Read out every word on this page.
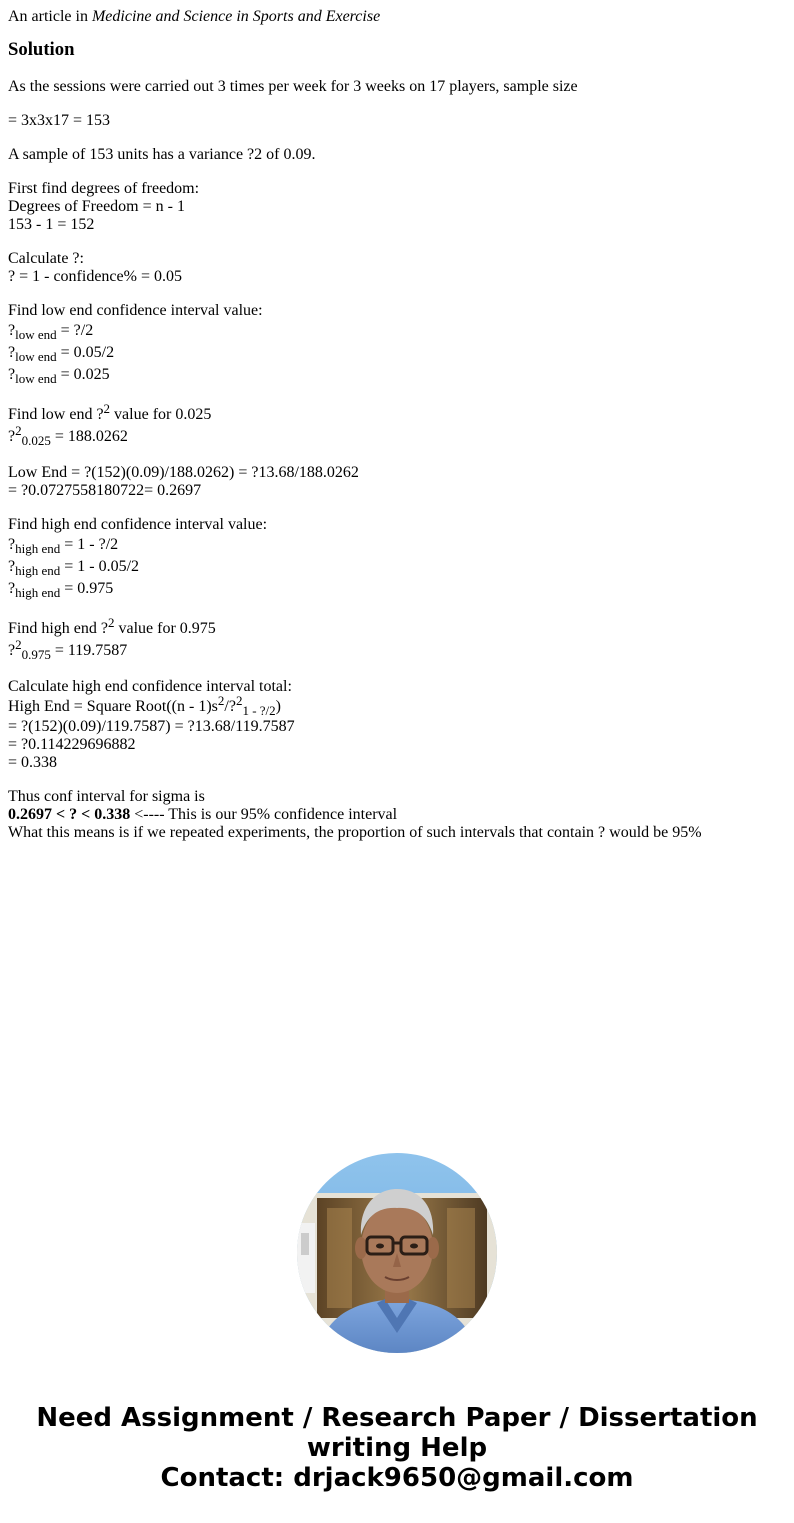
An article in Medicine and Science in Sports and Exercise

Solution

As the sessions were carried out 3 times per week for 3 weeks on 17 players, sample size

= 3x3x17 = 153

A sample of 153 units has a variance ?2 of 0.09.

First find degrees of freedom:
Degrees of Freedom = n - 1
153 - 1 = 152
Calculate ?:
? = 1 - confidence% = 0.05
Find low end confidence interval value:
$?_{low end}$ = ?/2
$?_{low end} = 0.05/2$
$?_{low end} = 0.025$
Find low end ?$^2$ value for 0.025
?$^2_{0.025}$ = 188.0262
Low End = ?(152)(0.09)/188.0262) = ?13.68/188.0262
= ?0.0727558180722= 0.2697
Find high end confidence interval value:
$?_{high end} = 1$ - ?/2
$?_{high end} = 1 - 0.05/2$
$?_{high end} = 0.975$
Find high end ?$^2$ value for 0.975
?$^2_{0.975}$ = 119.7587
Calculate high end confidence interval total:
High End = Square Root((n - $1)s^2/?^2_{1 - ?/2}$)
= ?(152)(0.09)/119.7587) = ?13.68/119.7587
= ?0.114229696882
= 0.338
Thus conf interval for sigma is
0.2697 < ? < 0.338 <---- This is our 95% confidence interval
What this means is if we repeated experiments, the proportion of such intervals that contain ? would be 95%
Need Assignment / Research Paper / Dissertation
writing Help
Contact: drjack9650@gmail.com
